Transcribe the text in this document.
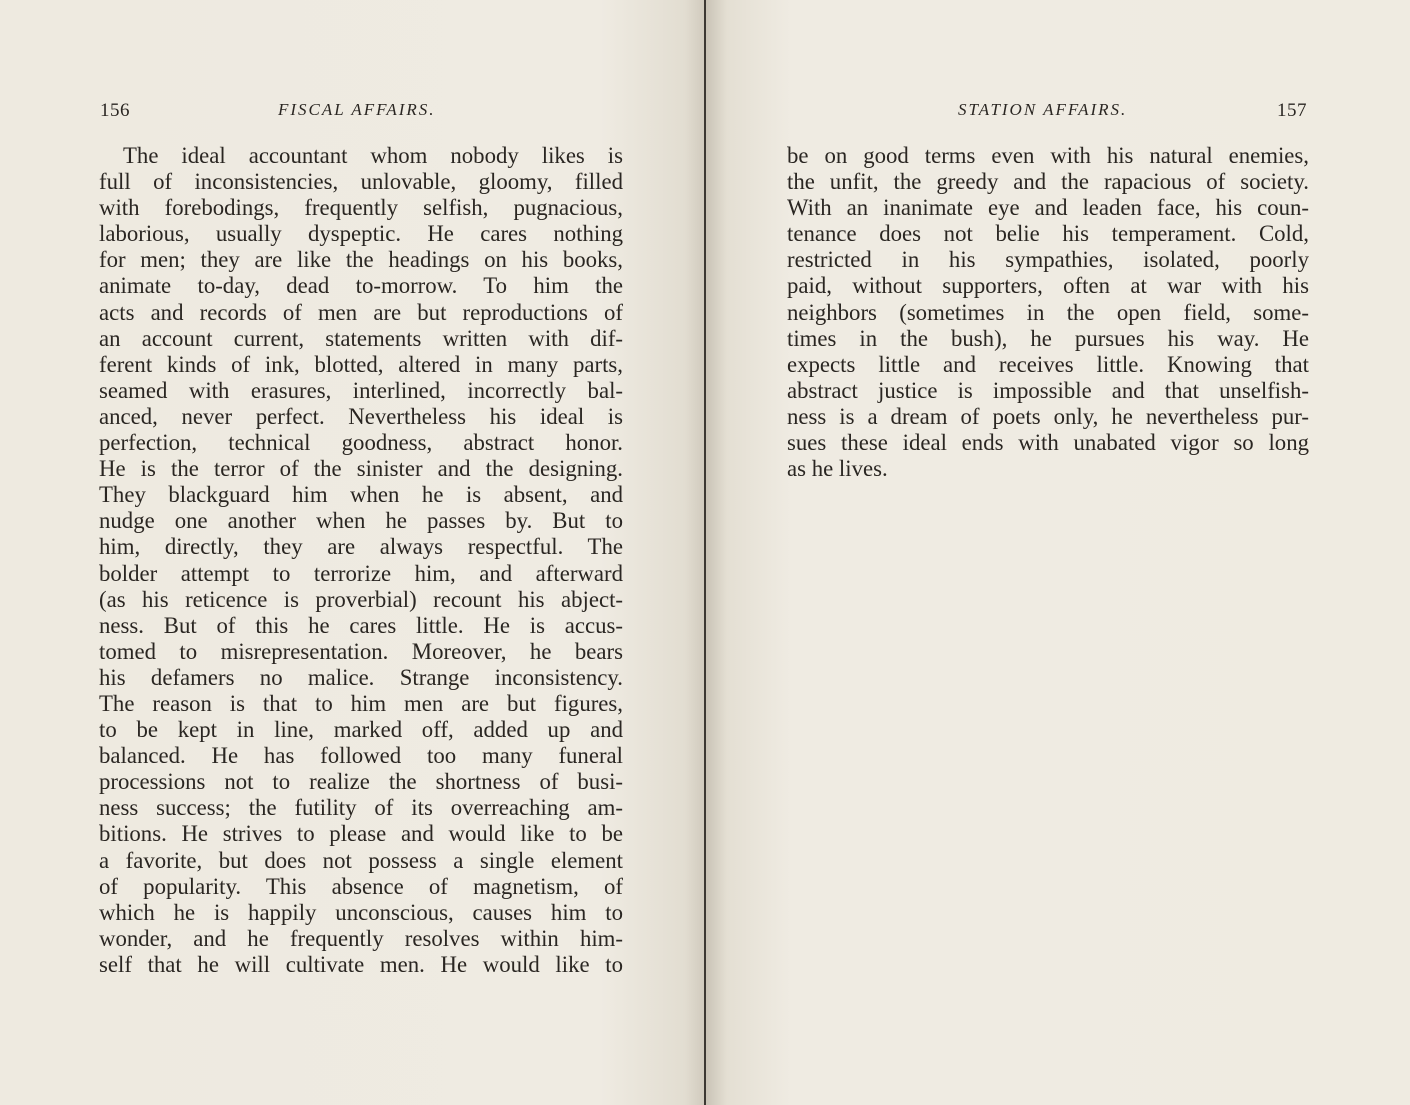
156	FISCAL AFFAIRS.
The ideal accountant whom nobody likes is
full of inconsistencies, unlovable, gloomy, filled
with forebodings, frequently selfish, pugnacious,
laborious, usually dyspeptic. He cares nothing
for men; they are like the headings on his books,
animate to-day, dead to-morrow. To him the
acts and records of men are but reproductions of
an account current, statements written with dif-
ferent kinds of ink, blotted, altered in many parts,
seamed with erasures, interlined, incorrectly bal-
anced, never perfect. Nevertheless his ideal is
perfection, technical goodness, abstract honor.
He is the terror of the sinister and the designing.
They blackguard him when he is absent, and
nudge one another when he passes by. But to
him, directly, they are always respectful. The
bolder attempt to terrorize him, and afterward
(as his reticence is proverbial) recount his abject-
ness. But of this he cares little. He is accus-
tomed to misrepresentation. Moreover, he bears
his defamers no malice. Strange inconsistency.
The reason is that to him men are but figures,
to be kept in line, marked off, added up and
balanced. He has followed too many funeral
processions not to realize the shortness of busi-
ness success; the futility of its overreaching am-
bitions. He strives to please and would like to be
a favorite, but does not possess a single element
of popularity. This absence of magnetism, of
which he is happily unconscious, causes him to
wonder, and he frequently resolves within him-
self that he will cultivate men. He would like to
STATION AFFAIRS.	157
be on good terms even with his natural enemies,
the unfit, the greedy and the rapacious of society.
With an inanimate eye and leaden face, his coun-
tenance does not belie his temperament. Cold,
restricted in his sympathies, isolated, poorly
paid, without supporters, often at war with his
neighbors (sometimes in the open field, some-
times in the bush), he pursues his way. He
expects little and receives little. Knowing that
abstract justice is impossible and that unselfish-
ness is a dream of poets only, he nevertheless pur-
sues these ideal ends with unabated vigor so long
as he lives.
